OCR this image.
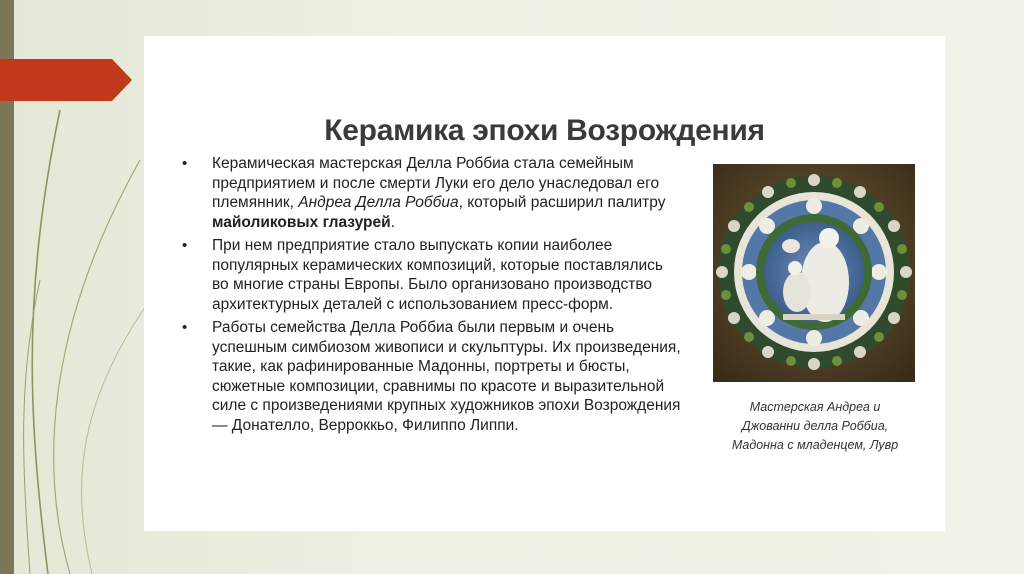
Керамика эпохи Возрождения
• Керамическая мастерская Делла Роббиа стала семейным предприятием и после смерти Луки его дело унаследовал его племянник, Андреа Делла Роббиа, который расширил палитру майоликовых глазурей.
• При нем предприятие стало выпускать копии наиболее популярных керамических композиций, которые поставлялись во многие страны Европы. Было организовано производство архитектурных деталей с использованием пресс-форм.
• Работы семейства Делла Роббиа были первым и очень успешным симбиозом живописи и скульптуры. Их произведения, такие, как рафинированные Мадонны, портреты и бюсты, сюжетные композиции, сравнимы по красоте и выразительной силе с произведениями крупных художников эпохи Возрождения — Донателло, Верроккьо, Филиппо Липпи.
Мастерская Андреа и
Джованни делла Роббиа,
Мадонна с младенцем, Лувр
